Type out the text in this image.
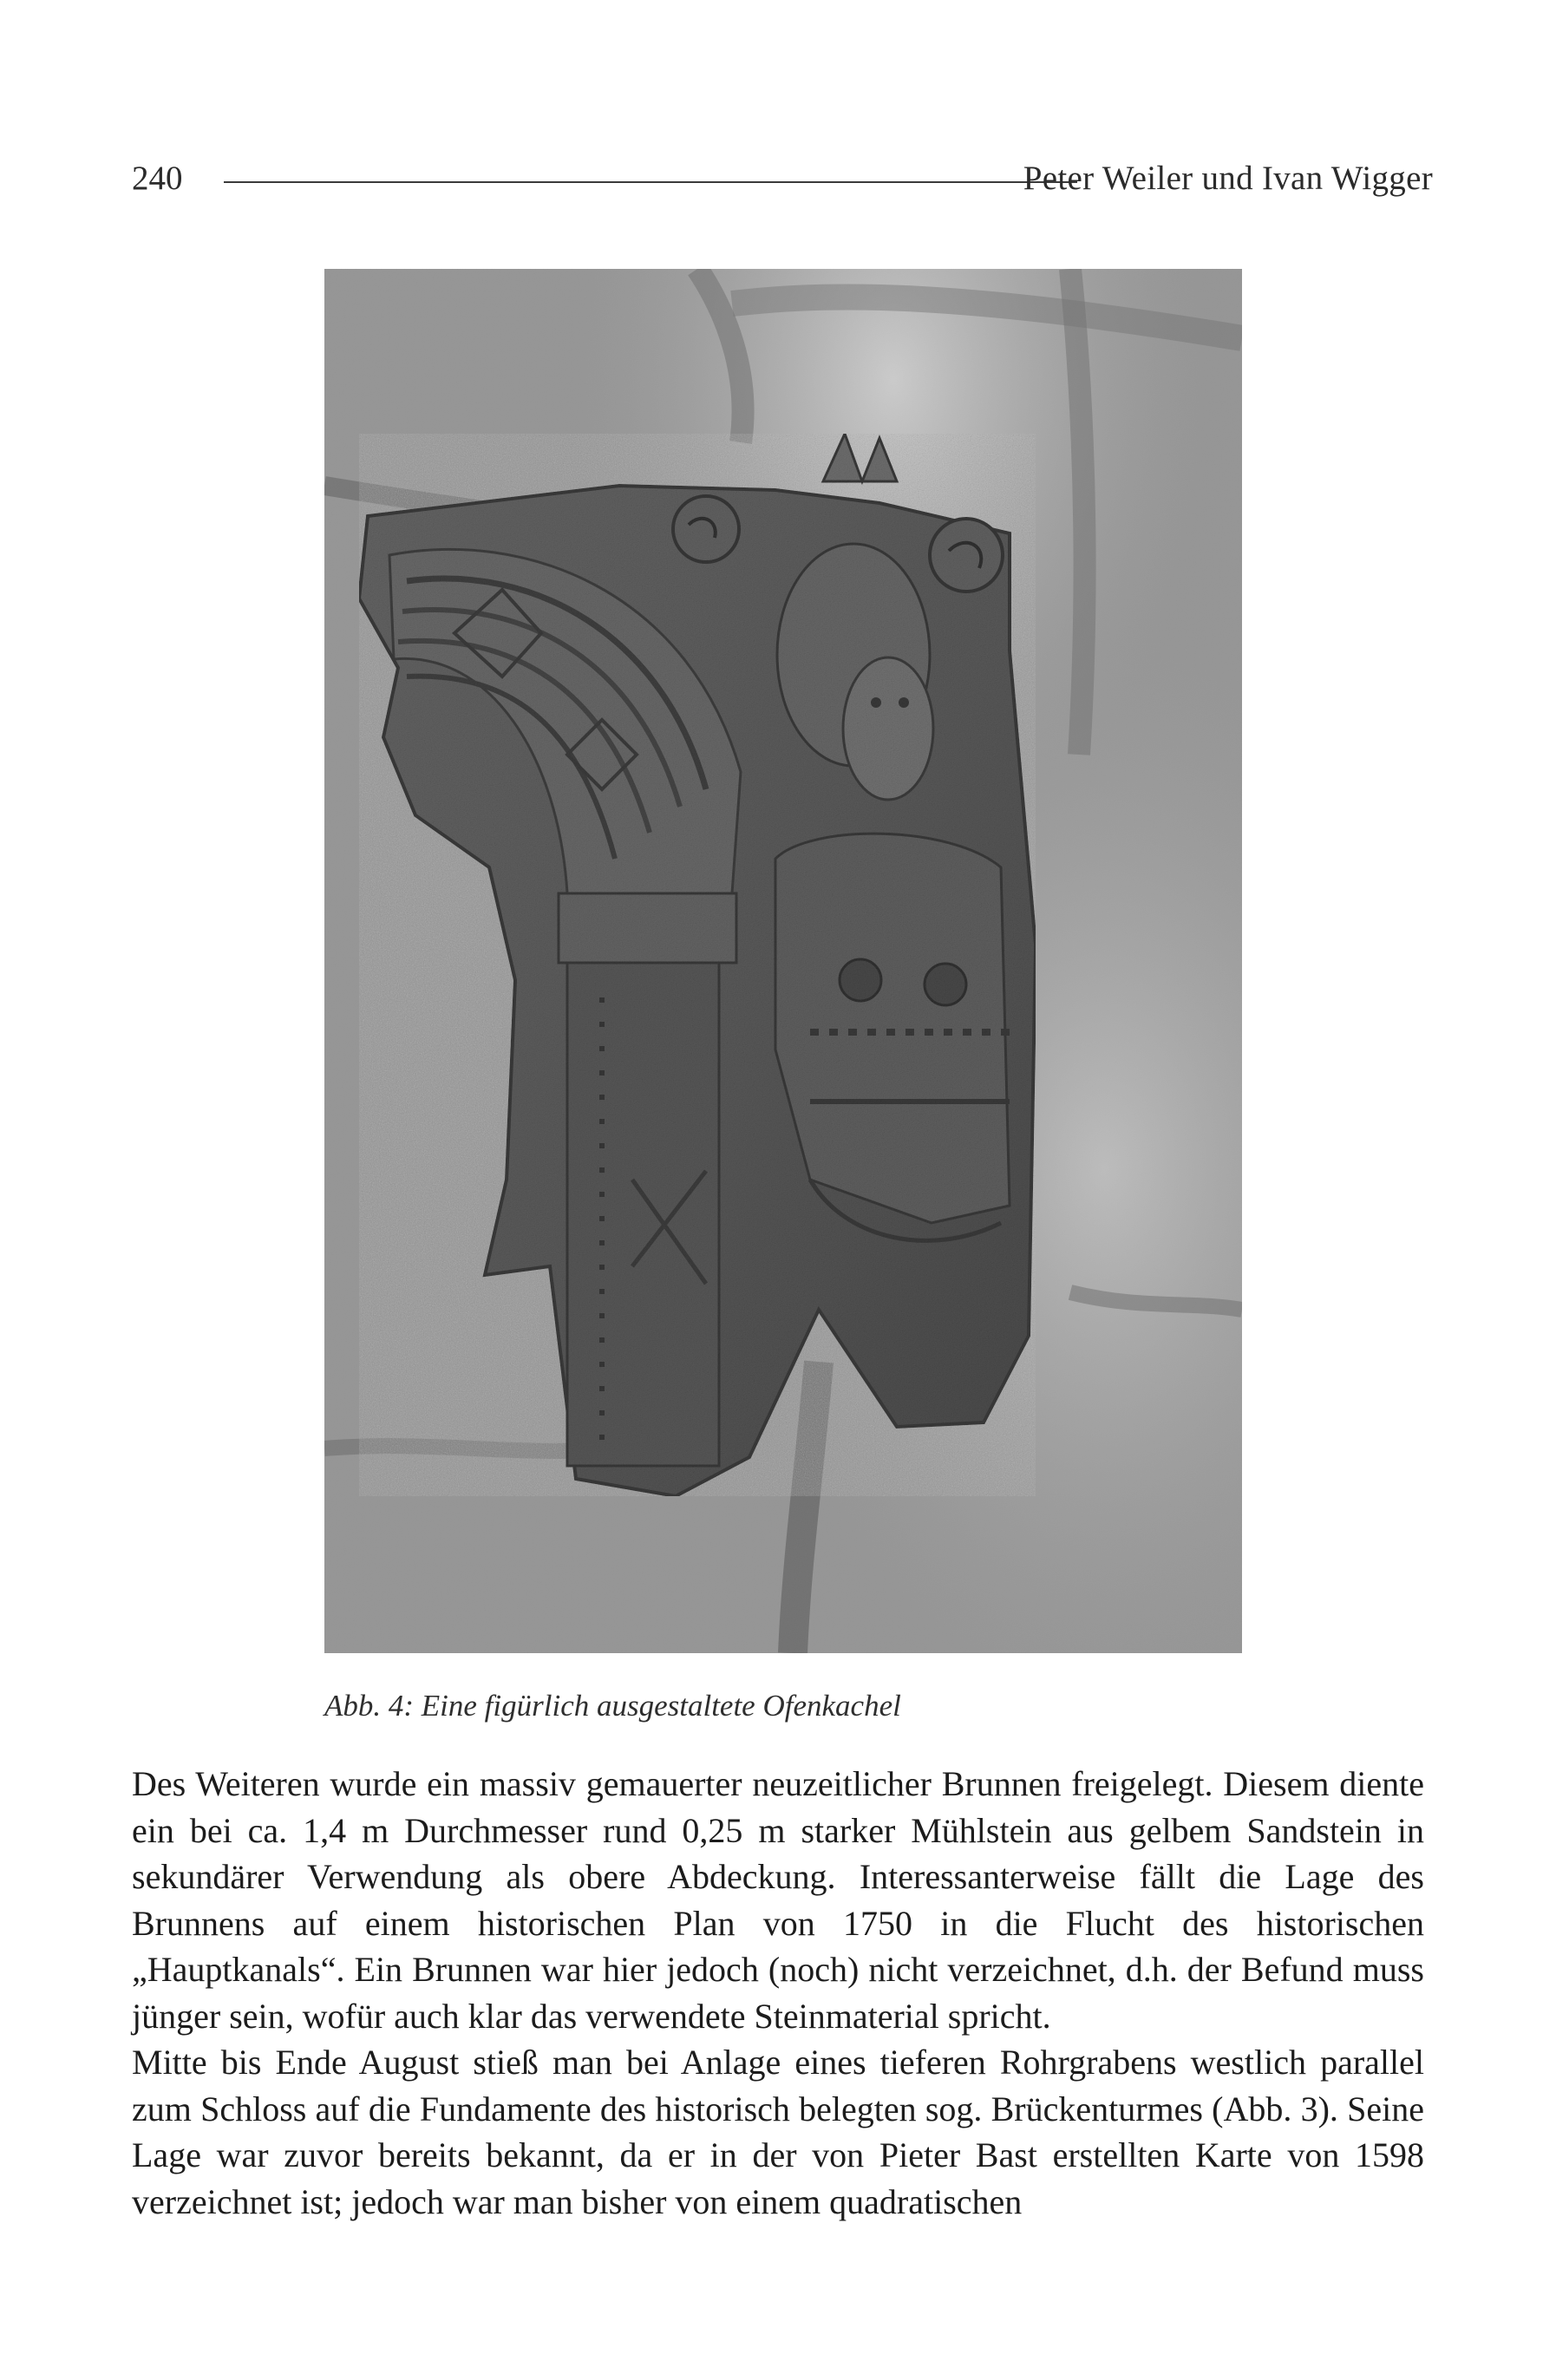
240	Peter Weiler und Ivan Wigger
Abb. 4: Eine figürlich ausgestaltete Ofenkachel

Des Weiteren wurde ein massiv gemauerter neuzeitlicher Brunnen freigelegt. Diesem diente ein bei ca. 1,4 m Durchmesser rund 0,25 m starker Mühlstein aus gelbem Sandstein in sekundärer Verwendung als obere Abdeckung. Interessanterweise fällt die Lage des Brunnens auf einem historischen Plan von 1750 in die Flucht des historischen „Hauptkanals“. Ein Brunnen war hier jedoch (noch) nicht verzeichnet, d.h. der Befund muss jünger sein, wofür auch klar das verwendete Steinmaterial spricht.

Mitte bis Ende August stieß man bei Anlage eines tieferen Rohrgrabens westlich parallel zum Schloss auf die Fundamente des historisch belegten sog. Brückenturmes (Abb. 3). Seine Lage war zuvor bereits bekannt, da er in der von Pieter Bast erstellten Karte von 1598 verzeichnet ist; jedoch war man bisher von einem quadratischen
